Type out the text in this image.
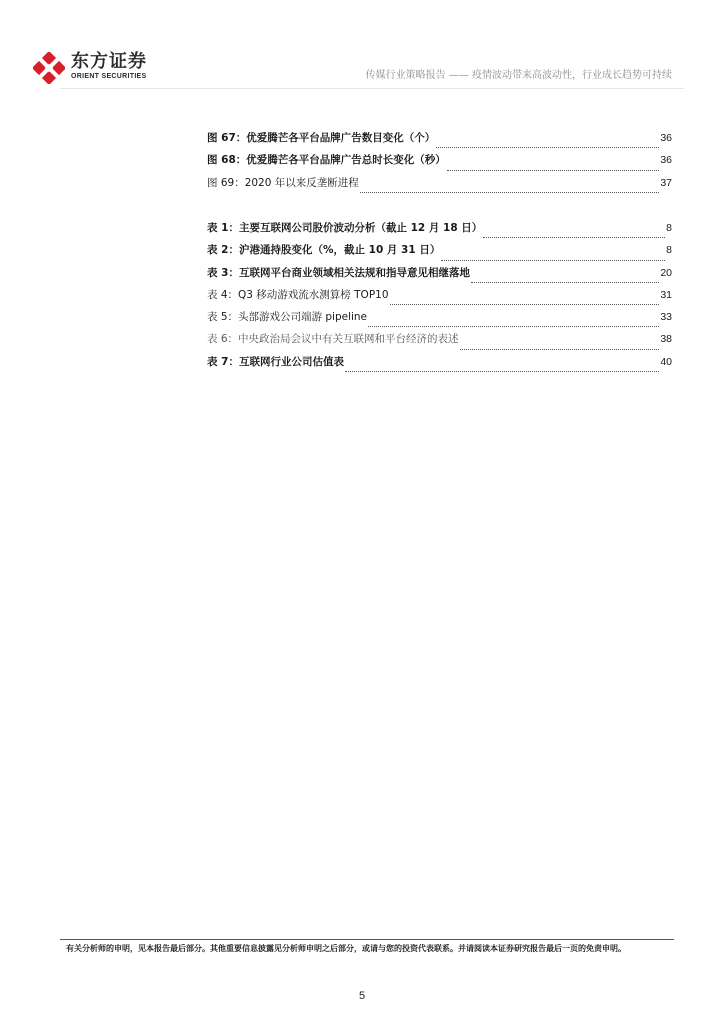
东方证券
ORIENT SECURITIES	传媒行业策略报告 —— 疫情波动带来高波动性，行业成长趋势可持续
图 67：优爱腾芒各平台品牌广告数目变化（个）	36
图 68：优爱腾芒各平台品牌广告总时长变化（秒）	36
图 69：2020 年以来反垄断进程	37
表 1：主要互联网公司股价波动分析（截止 12 月 18 日）	8
表 2：沪港通持股变化（%，截止 10 月 31 日）	8
表 3：互联网平台商业领域相关法规和指导意见相继落地	20
表 4：Q3 移动游戏流水测算榜 TOP10	31
表 5：头部游戏公司端游 pipeline	33
表 6：中央政治局会议中有关互联网和平台经济的表述	38
表 7：互联网行业公司估值表	40
有关分析师的申明，见本报告最后部分。其他重要信息披露见分析师申明之后部分，或请与您的投资代表联系。并请阅读本证券研究报告最后一页的免责申明。
5
